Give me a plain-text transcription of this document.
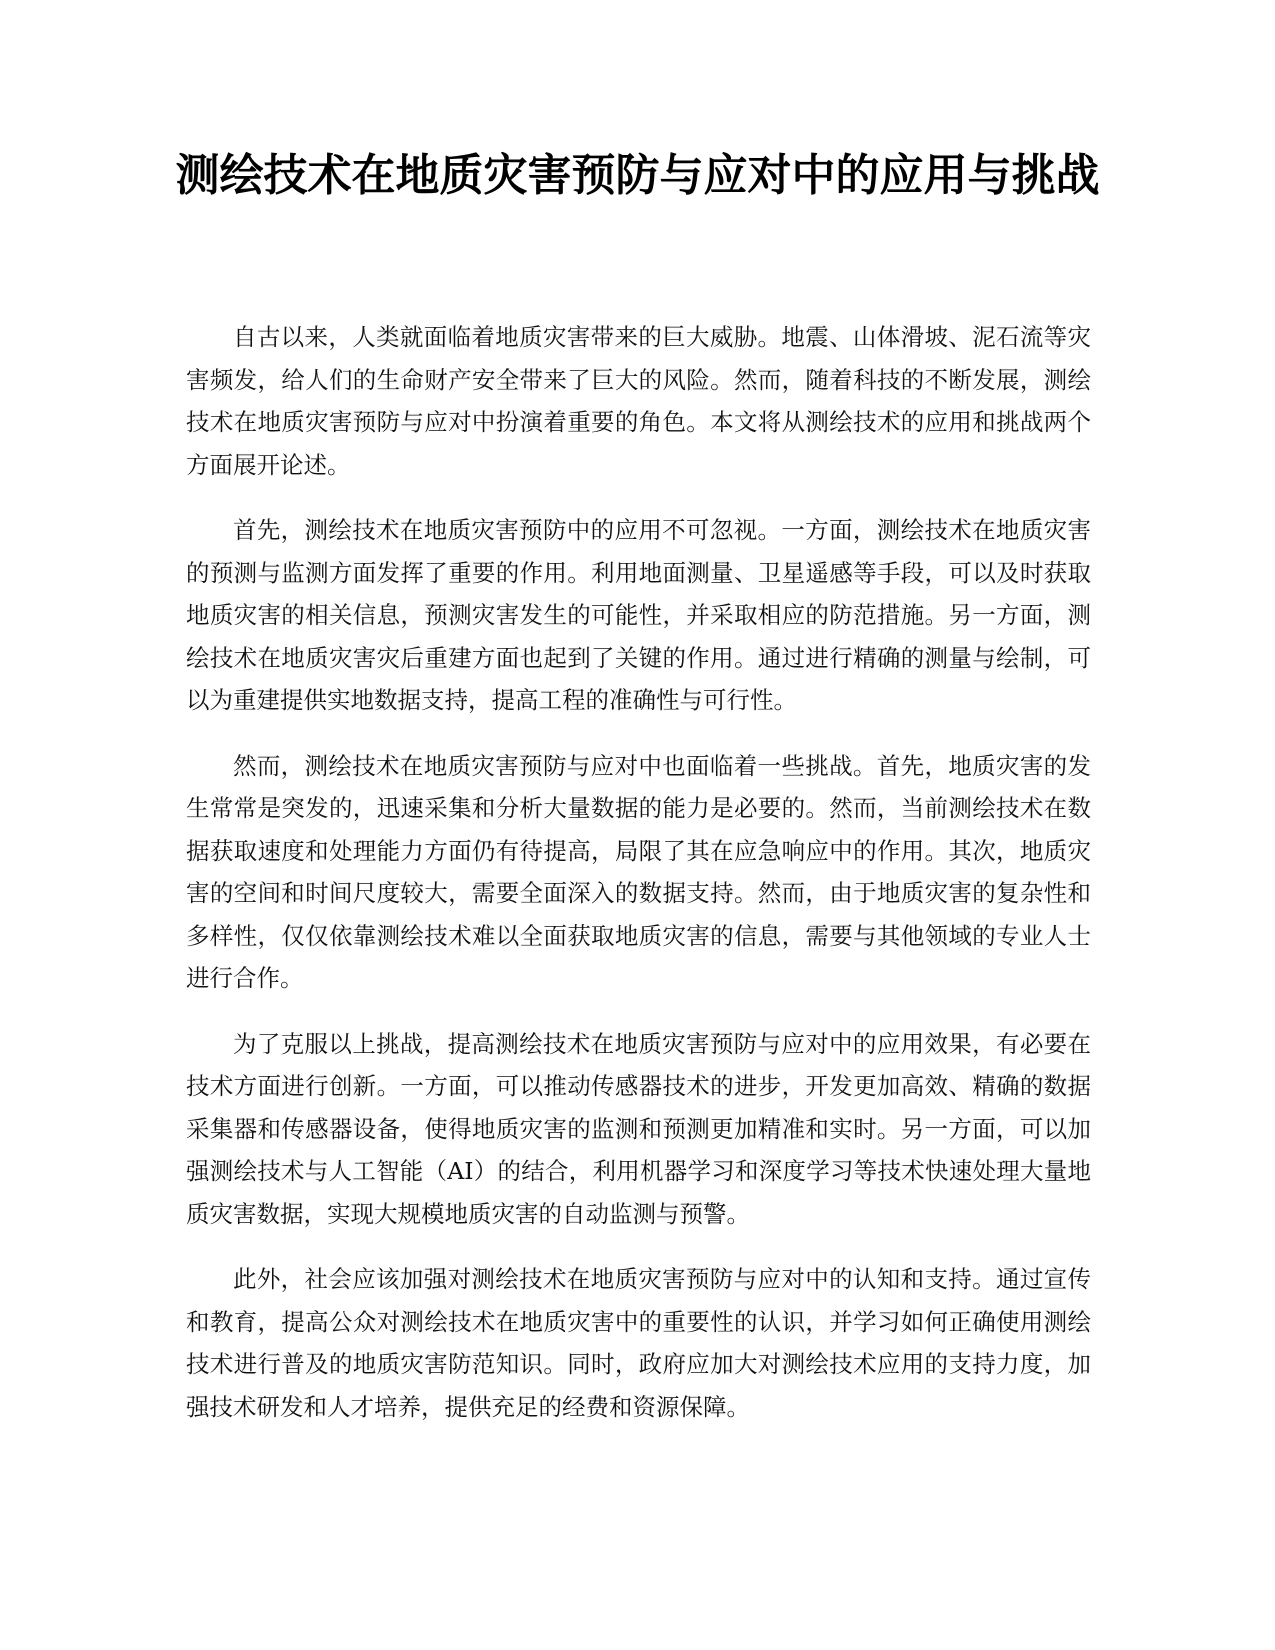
测绘技术在地质灾害预防与应对中的应用与挑战

自古以来，人类就面临着地质灾害带来的巨大威胁。地震、山体滑坡、泥石流等灾害频发，给人们的生命财产安全带来了巨大的风险。然而，随着科技的不断发展，测绘技术在地质灾害预防与应对中扮演着重要的角色。本文将从测绘技术的应用和挑战两个方面展开论述。

首先，测绘技术在地质灾害预防中的应用不可忽视。一方面，测绘技术在地质灾害的预测与监测方面发挥了重要的作用。利用地面测量、卫星遥感等手段，可以及时获取地质灾害的相关信息，预测灾害发生的可能性，并采取相应的防范措施。另一方面，测绘技术在地质灾害灾后重建方面也起到了关键的作用。通过进行精确的测量与绘制，可以为重建提供实地数据支持，提高工程的准确性与可行性。

然而，测绘技术在地质灾害预防与应对中也面临着一些挑战。首先，地质灾害的发生常常是突发的，迅速采集和分析大量数据的能力是必要的。然而，当前测绘技术在数据获取速度和处理能力方面仍有待提高，局限了其在应急响应中的作用。其次，地质灾害的空间和时间尺度较大，需要全面深入的数据支持。然而，由于地质灾害的复杂性和多样性，仅仅依靠测绘技术难以全面获取地质灾害的信息，需要与其他领域的专业人士进行合作。

为了克服以上挑战，提高测绘技术在地质灾害预防与应对中的应用效果，有必要在技术方面进行创新。一方面，可以推动传感器技术的进步，开发更加高效、精确的数据采集器和传感器设备，使得地质灾害的监测和预测更加精准和实时。另一方面，可以加强测绘技术与人工智能（AI）的结合，利用机器学习和深度学习等技术快速处理大量地质灾害数据，实现大规模地质灾害的自动监测与预警。

此外，社会应该加强对测绘技术在地质灾害预防与应对中的认知和支持。通过宣传和教育，提高公众对测绘技术在地质灾害中的重要性的认识，并学习如何正确使用测绘技术进行普及的地质灾害防范知识。同时，政府应加大对测绘技术应用的支持力度，加强技术研发和人才培养，提供充足的经费和资源保障。
